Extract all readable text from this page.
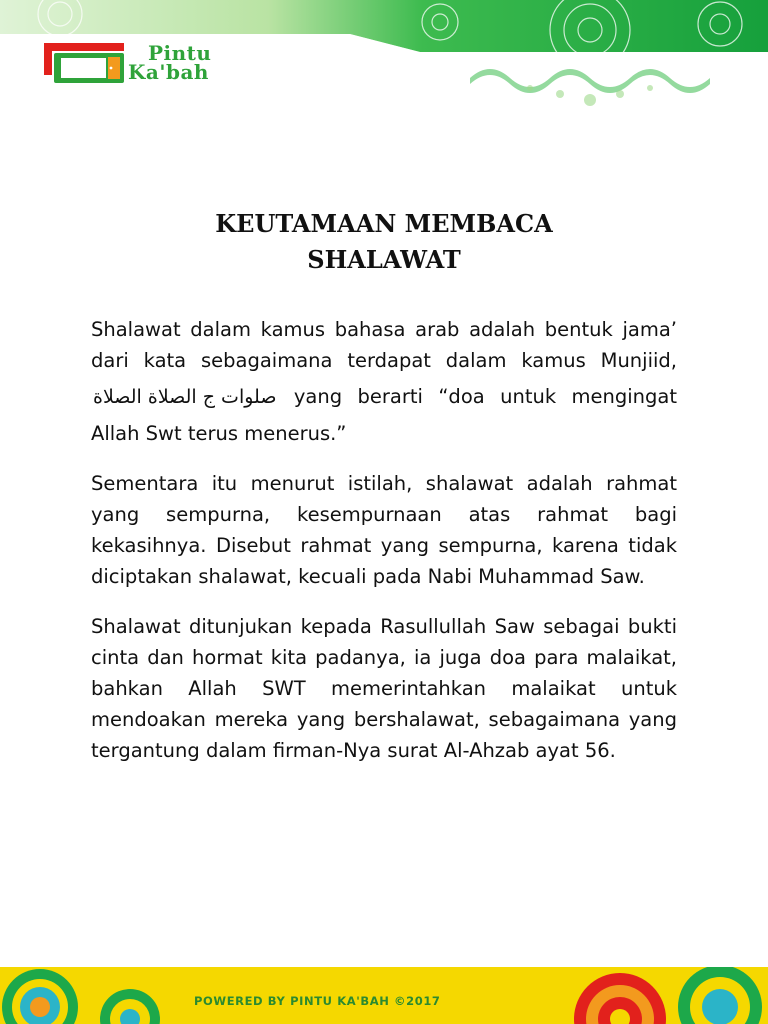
Pintu
Ka'bah
KEUTAMAAN MEMBACA
SHALAWAT

Shalawat dalam kamus bahasa arab adalah bentuk jama’ dari kata sebagaimana terdapat dalam kamus Munjiid, صلوات ج الصلاة الصلاة yang berarti “doa untuk mengingat Allah Swt terus menerus.”

Sementara itu menurut istilah, shalawat adalah rahmat yang sempurna, kesempurnaan atas rahmat bagi kekasihnya. Disebut rahmat yang sempurna, karena tidak diciptakan shalawat, kecuali pada Nabi Muhammad Saw.

Shalawat ditunjukan kepada Rasullullah Saw sebagai bukti cinta dan hormat kita padanya, ia juga doa para malaikat, bahkan Allah SWT memerintahkan malaikat untuk mendoakan mereka yang bershalawat, sebagaimana yang tergantung dalam firman-Nya surat Al-Ahzab ayat 56.

POWERED BY PINTU KA'BAH ©2017
